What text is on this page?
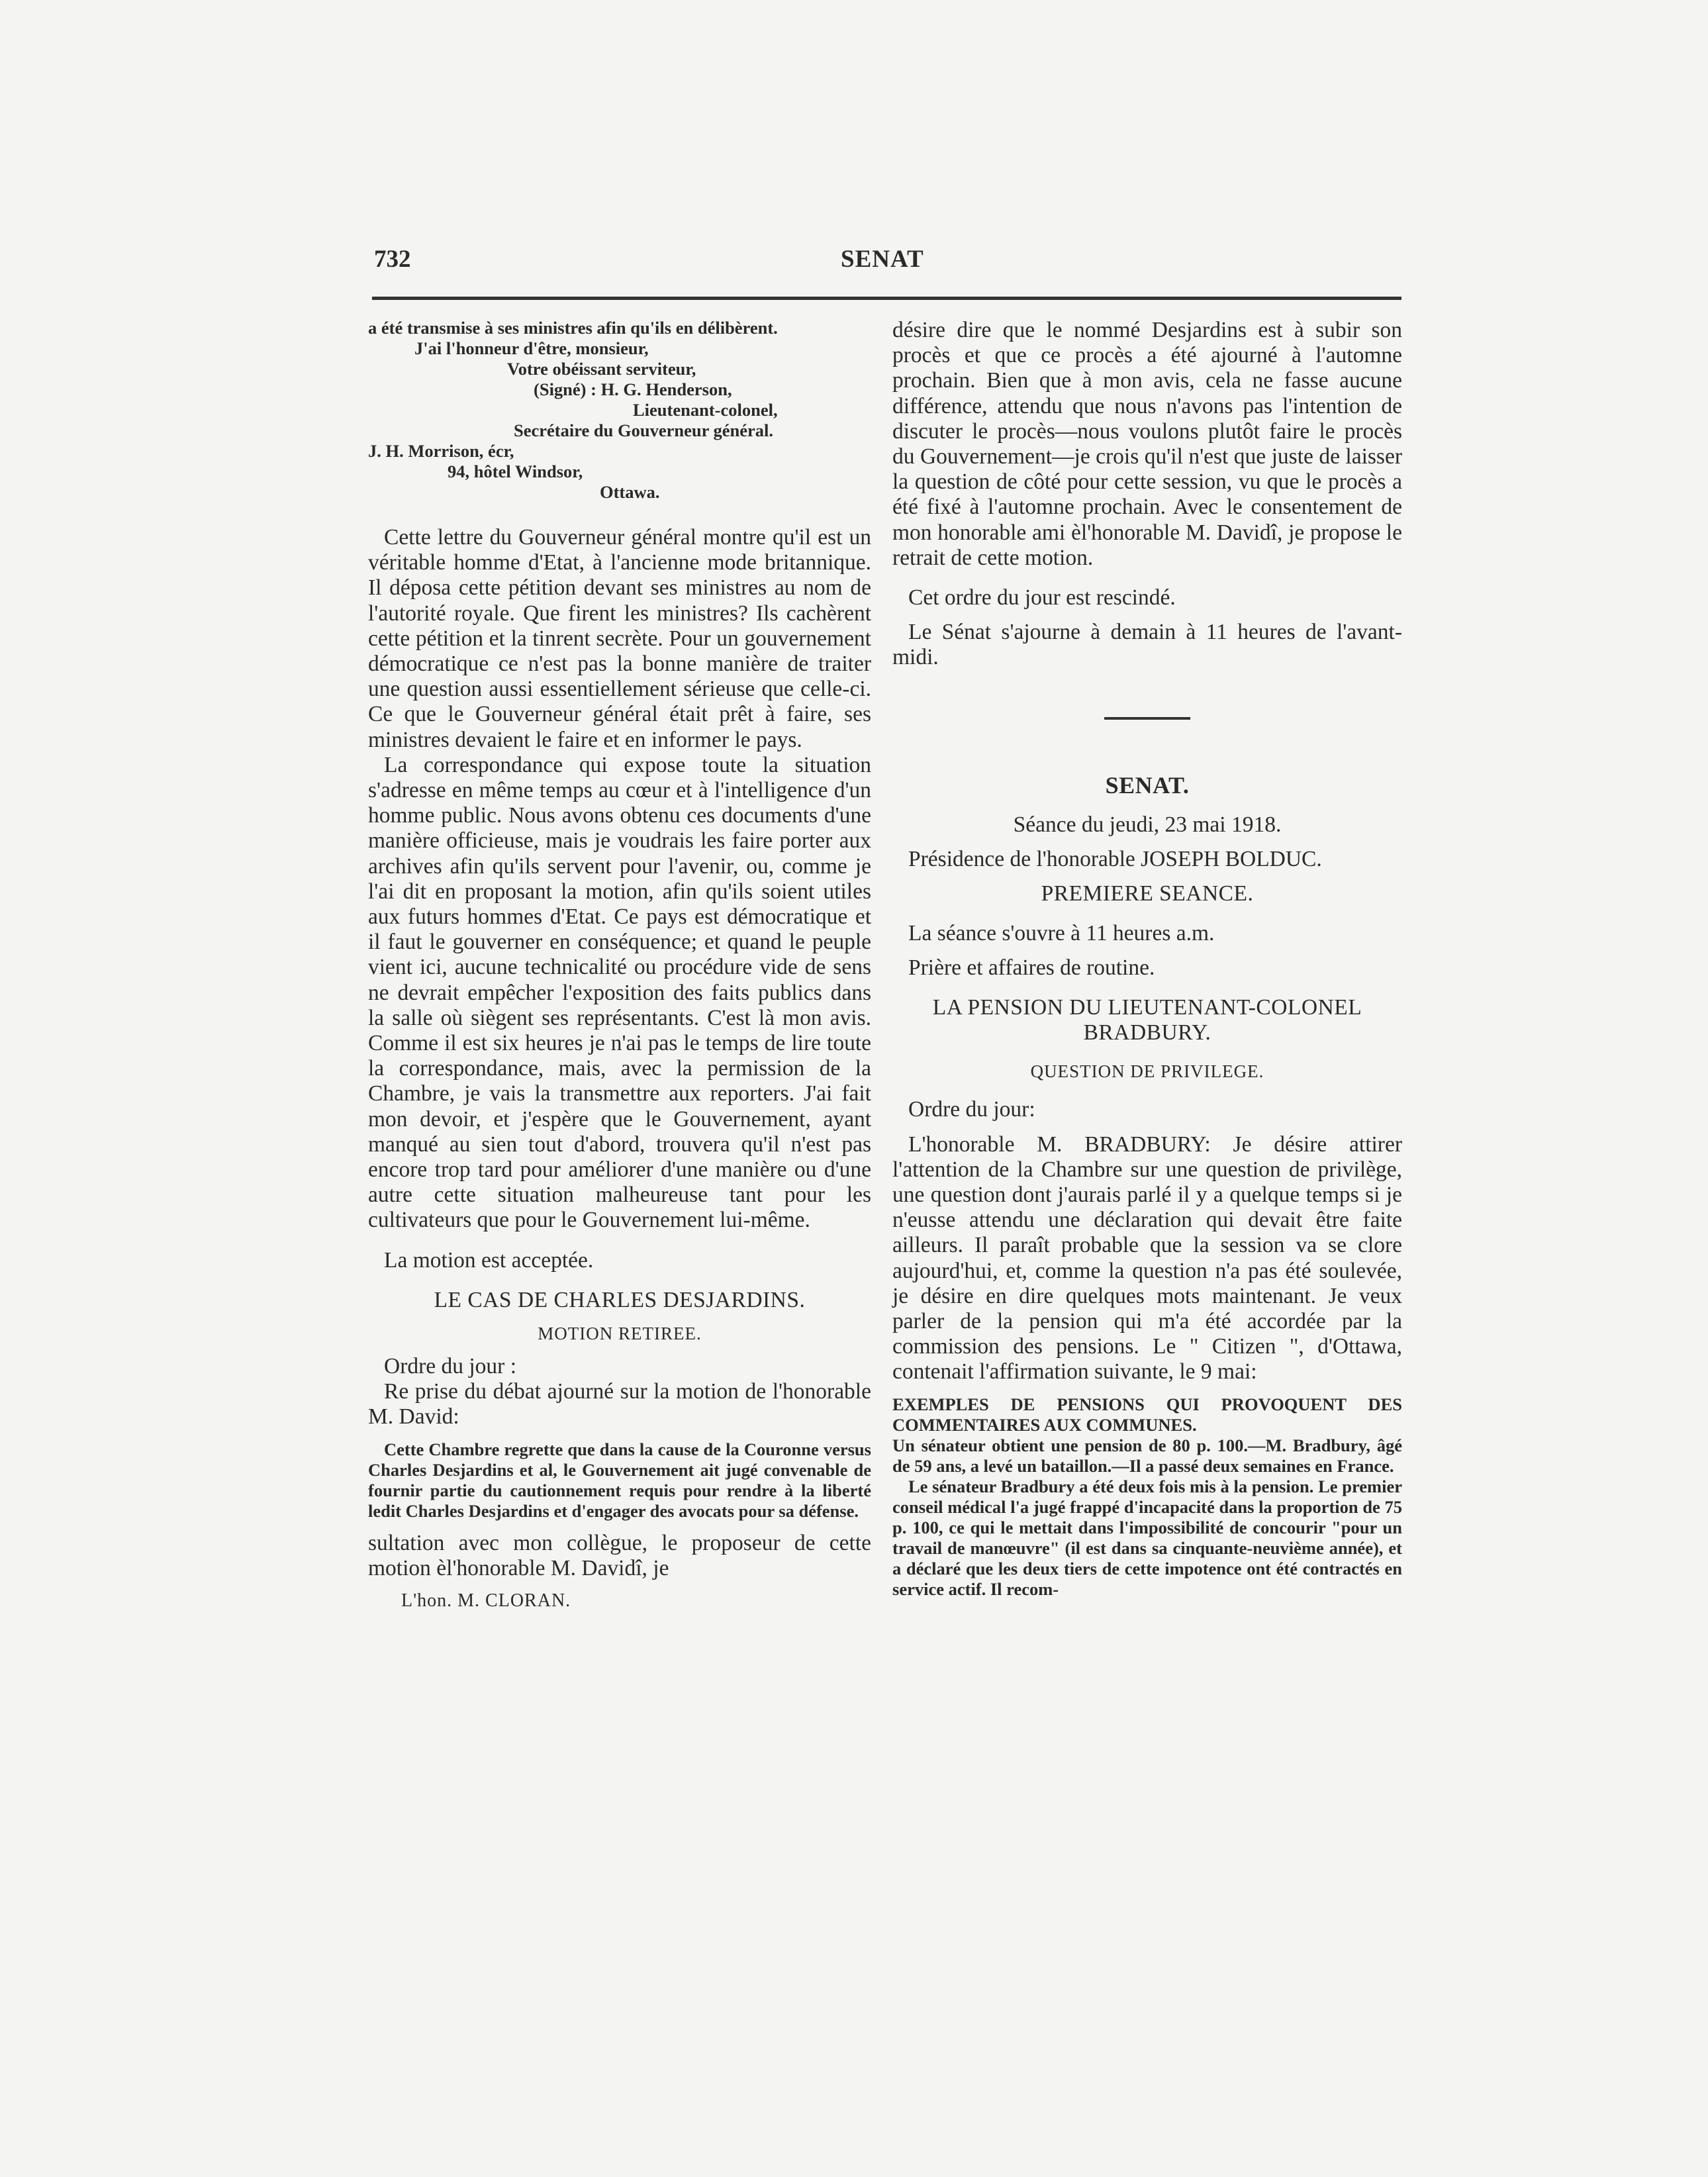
732	SENAT

a été transmise à ses ministres afin qu'ils en délibèrent.

J'ai l'honneur d'être, monsieur,

Votre obéissant serviteur,

(Signé) : H. G. Henderson,

Lieutenant-colonel,

Secrétaire du Gouverneur général.

J. H. Morrison, écr,

94, hôtel Windsor,

Ottawa.

Cette lettre du Gouverneur général montre qu'il est un véritable homme d'Etat, à l'ancienne mode britannique. Il déposa cette pétition devant ses ministres au nom de l'autorité royale. Que firent les ministres? Ils cachèrent cette pétition et la tinrent secrète. Pour un gouvernement démocratique ce n'est pas la bonne manière de traiter une question aussi essentiellement sérieuse que celle-ci. Ce que le Gouverneur général était prêt à faire, ses ministres devaient le faire et en informer le pays.

La correspondance qui expose toute la situation s'adresse en même temps au cœur et à l'intelligence d'un homme public. Nous avons obtenu ces documents d'une manière officieuse, mais je voudrais les faire porter aux archives afin qu'ils servent pour l'avenir, ou, comme je l'ai dit en proposant la motion, afin qu'ils soient utiles aux futurs hommes d'Etat. Ce pays est démocratique et il faut le gouverner en conséquence; et quand le peuple vient ici, aucune technicalité ou procédure vide de sens ne devrait empêcher l'exposition des faits publics dans la salle où siègent ses représentants. C'est là mon avis. Comme il est six heures je n'ai pas le temps de lire toute la correspondance, mais, avec la permission de la Chambre, je vais la transmettre aux reporters. J'ai fait mon devoir, et j'espère que le Gouvernement, ayant manqué au sien tout d'abord, trouvera qu'il n'est pas encore trop tard pour améliorer d'une manière ou d'une autre cette situation malheureuse tant pour les cultivateurs que pour le Gouvernement lui-même.

La motion est acceptée.

LE CAS DE CHARLES DESJARDINS.
MOTION RETIREE.

Ordre du jour :

Re prise du débat ajourné sur la motion de l'honorable M. David:

Cette Chambre regrette que dans la cause de la Couronne versus Charles Desjardins et al, le Gouvernement ait jugé convenable de fournir partie du cautionnement requis pour rendre à la liberté ledit Charles Desjardins et d'engager des avocats pour sa défense.

sultation avec mon collègue, le proposeur de cette motion èl'honorable M. Davidî, je

L'hon. M. CLORAN.

désire dire que le nommé Desjardins est à subir son procès et que ce procès a été ajourné à l'automne prochain. Bien que à mon avis, cela ne fasse aucune différence, attendu que nous n'avons pas l'intention de discuter le procès—nous voulons plutôt faire le procès du Gouvernement—je crois qu'il n'est que juste de laisser la question de côté pour cette session, vu que le procès a été fixé à l'automne prochain. Avec le consentement de mon honorable ami èl'honorable M. Davidî, je propose le retrait de cette motion.

Cet ordre du jour est rescindé.

Le Sénat s'ajourne à demain à 11 heures de l'avant-midi.

SENAT.

Séance du jeudi, 23 mai 1918.

Présidence de l'honorable JOSEPH BOLDUC.

PREMIERE SEANCE.

La séance s'ouvre à 11 heures a.m.

Prière et affaires de routine.

LA PENSION DU LIEUTENANT-COLONEL BRADBURY.
QUESTION DE PRIVILEGE.

Ordre du jour:

L'honorable M. BRADBURY: Je désire attirer l'attention de la Chambre sur une question de privilège, une question dont j'aurais parlé il y a quelque temps si je n'eusse attendu une déclaration qui devait être faite ailleurs. Il paraît probable que la session va se clore aujourd'hui, et, comme la question n'a pas été soulevée, je désire en dire quelques mots maintenant. Je veux parler de la pension qui m'a été accordée par la commission des pensions. Le " Citizen ", d'Ottawa, contenait l'affirmation suivante, le 9 mai:

EXEMPLES DE PENSIONS QUI PROVOQUENT DES COMMENTAIRES AUX COMMUNES.

Un sénateur obtient une pension de 80 p. 100.—M. Bradbury, âgé de 59 ans, a levé un bataillon.—Il a passé deux semaines en France.

Le sénateur Bradbury a été deux fois mis à la pension. Le premier conseil médical l'a jugé frappé d'incapacité dans la proportion de 75 p. 100, ce qui le mettait dans l'impossibilité de concourir "pour un travail de manœuvre" (il est dans sa cinquante-neuvième année), et a déclaré que les deux tiers de cette impotence ont été contractés en service actif. Il recom-
